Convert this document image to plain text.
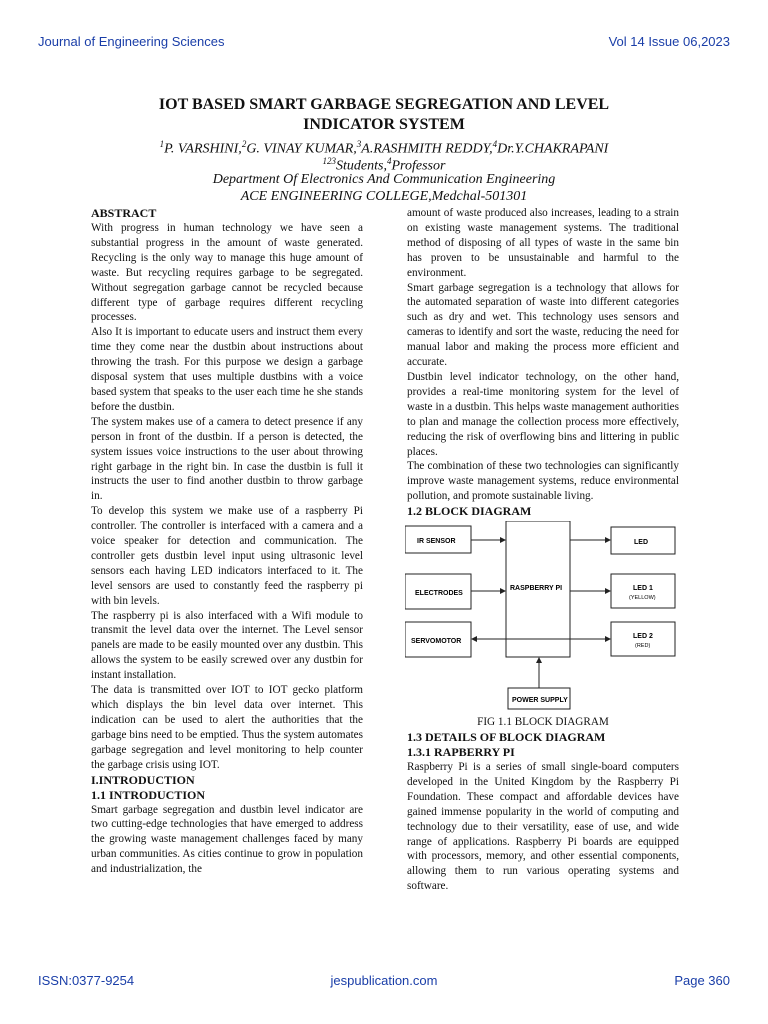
Journal of Engineering Sciences	Vol 14 Issue 06,2023
IOT BASED SMART GARBAGE SEGREGATION AND LEVEL
INDICATOR SYSTEM
$^1$P. VARSHINI,$^2$G. VINAY KUMAR,$^3$A.RASHMITH REDDY,$^4$Dr.Y.CHAKRAPANI
$^{123}$Students,$^4$Professor
Department Of Electronics And Communication Engineering
ACE ENGINEERING COLLEGE,Medchal-501301

ABSTRACT

With progress in human technology we have seen a substantial progress in the amount of waste generated. Recycling is the only way to manage this huge amount of waste. But recycling requires garbage to be segregated. Without segregation garbage cannot be recycled because different type of garbage requires different recycling processes.

Also It is important to educate users and instruct them every time they come near the dustbin about instructions about throwing the trash. For this purpose we design a garbage disposal system that uses multiple dustbins with a voice based system that speaks to the user each time he she stands before the dustbin.

The system makes use of a camera to detect presence if any person in front of the dustbin. If a person is detected, the system issues voice instructions to the user about throwing right garbage in the right bin. In case the dustbin is full it instructs the user to find another dustbin to throw garbage in.

To develop this system we make use of a raspberry Pi controller. The controller is interfaced with a camera and a voice speaker for detection and communication. The controller gets dustbin level input using ultrasonic level sensors each having LED indicators interfaced to it. The level sensors are used to constantly feed the raspberry pi with bin levels.

The raspberry pi is also interfaced with a Wifi module to transmit the level data over the internet. The Level sensor panels are made to be easily mounted over any dustbin. This allows the system to be easily screwed over any dustbin for instant installation.

The data is transmitted over IOT to IOT gecko platform which displays the bin level data over internet. This indication can be used to alert the authorities that the garbage bins need to be emptied. Thus the system automates garbage segregation and level monitoring to help counter the garbage crisis using IOT.

I.INTRODUCTION

1.1 INTRODUCTION

Smart garbage segregation and dustbin level indicator are two cutting-edge technologies that have emerged to address the growing waste management challenges faced by many urban communities. As cities continue to grow in population and industrialization, the

amount of waste produced also increases, leading to a strain on existing waste management systems. The traditional method of disposing of all types of waste in the same bin has proven to be unsustainable and harmful to the environment.

Smart garbage segregation is a technology that allows for the automated separation of waste into different categories such as dry and wet. This technology uses sensors and cameras to identify and sort the waste, reducing the need for manual labor and making the process more efficient and accurate.

Dustbin level indicator technology, on the other hand, provides a real-time monitoring system for the level of waste in a dustbin. This helps waste management authorities to plan and manage the collection process more effectively, reducing the risk of overflowing bins and littering in public places.

The combination of these two technologies can significantly improve waste management systems, reduce environmental pollution, and promote sustainable living.

1.2 BLOCK DIAGRAM

IR SENSOR
ELECTRODES
SERVOMOTOR
RASPBERRY PI
LED
LED 1
(YELLOW)
LED 2
(RED)
POWER SUPPLY

FIG 1.1 BLOCK DIAGRAM

1.3 DETAILS OF BLOCK DIAGRAM

1.3.1 RAPBERRY PI

Raspberry Pi is a series of small single-board computers developed in the United Kingdom by the Raspberry Pi Foundation. These compact and affordable devices have gained immense popularity in the world of computing and technology due to their versatility, ease of use, and wide range of applications. Raspberry Pi boards are equipped with processors, memory, and other essential components, allowing them to run various operating systems and software.

ISSN:0377-9254	jespublication.com	Page 360
